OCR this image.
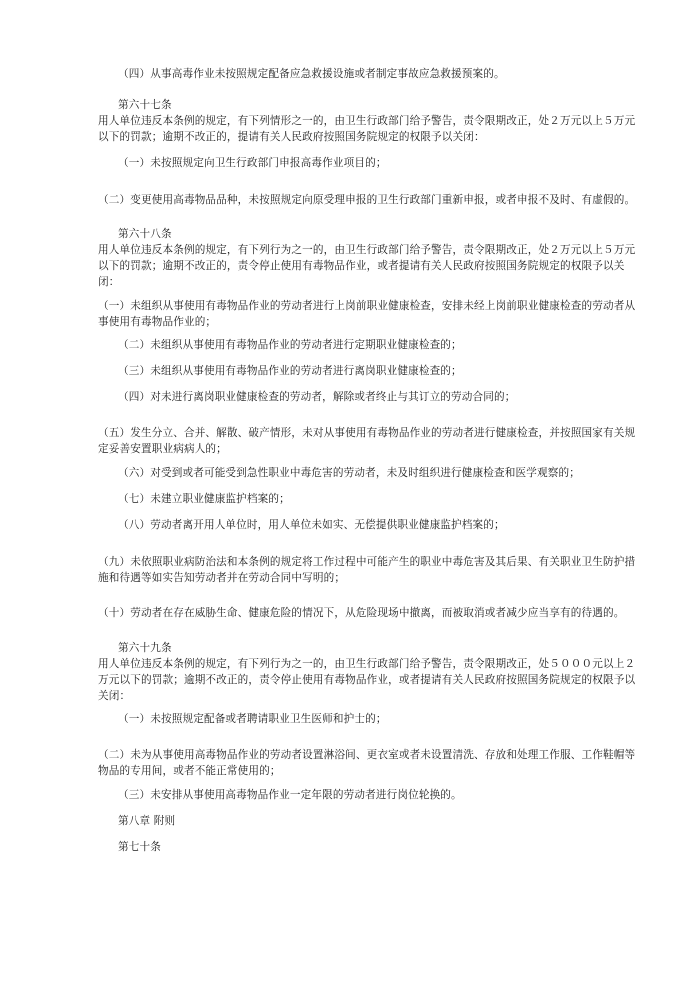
（四）从事高毒作业未按照规定配备应急救援设施或者制定事故应急救援预案的。

第六十七条

用人单位违反本条例的规定，有下列情形之一的，由卫生行政部门给予警告，责令限期改正，处２万元以上５万元以下的罚款；逾期不改正的，提请有关人民政府按照国务院规定的权限予以关闭：

（一）未按照规定向卫生行政部门申报高毒作业项目的；

（二）变更使用高毒物品品种，未按照规定向原受理申报的卫生行政部门重新申报，或者申报不及时、有虚假的。

第六十八条

用人单位违反本条例的规定，有下列行为之一的，由卫生行政部门给予警告，责令限期改正，处２万元以上５万元以下的罚款；逾期不改正的，责令停止使用有毒物品作业，或者提请有关人民政府按照国务院规定的权限予以关闭：

（一）未组织从事使用有毒物品作业的劳动者进行上岗前职业健康检查，安排未经上岗前职业健康检查的劳动者从事使用有毒物品作业的；

（二）未组织从事使用有毒物品作业的劳动者进行定期职业健康检查的；

（三）未组织从事使用有毒物品作业的劳动者进行离岗职业健康检查的；

（四）对未进行离岗职业健康检查的劳动者，解除或者终止与其订立的劳动合同的；

（五）发生分立、合并、解散、破产情形，未对从事使用有毒物品作业的劳动者进行健康检查，并按照国家有关规定妥善安置职业病病人的；

（六）对受到或者可能受到急性职业中毒危害的劳动者，未及时组织进行健康检查和医学观察的；

（七）未建立职业健康监护档案的；

（八）劳动者离开用人单位时，用人单位未如实、无偿提供职业健康监护档案的；

（九）未依照职业病防治法和本条例的规定将工作过程中可能产生的职业中毒危害及其后果、有关职业卫生防护措施和待遇等如实告知劳动者并在劳动合同中写明的；

（十）劳动者在存在威胁生命、健康危险的情况下，从危险现场中撤离，而被取消或者减少应当享有的待遇的。

第六十九条

用人单位违反本条例的规定，有下列行为之一的，由卫生行政部门给予警告，责令限期改正，处５０００元以上２万元以下的罚款；逾期不改正的，责令停止使用有毒物品作业，或者提请有关人民政府按照国务院规定的权限予以关闭：

（一）未按照规定配备或者聘请职业卫生医师和护士的；

（二）未为从事使用高毒物品作业的劳动者设置淋浴间、更衣室或者未设置清洗、存放和处理工作服、工作鞋帽等物品的专用间，或者不能正常使用的；

（三）未安排从事使用高毒物品作业一定年限的劳动者进行岗位轮换的。

第八章 附则

第七十条
